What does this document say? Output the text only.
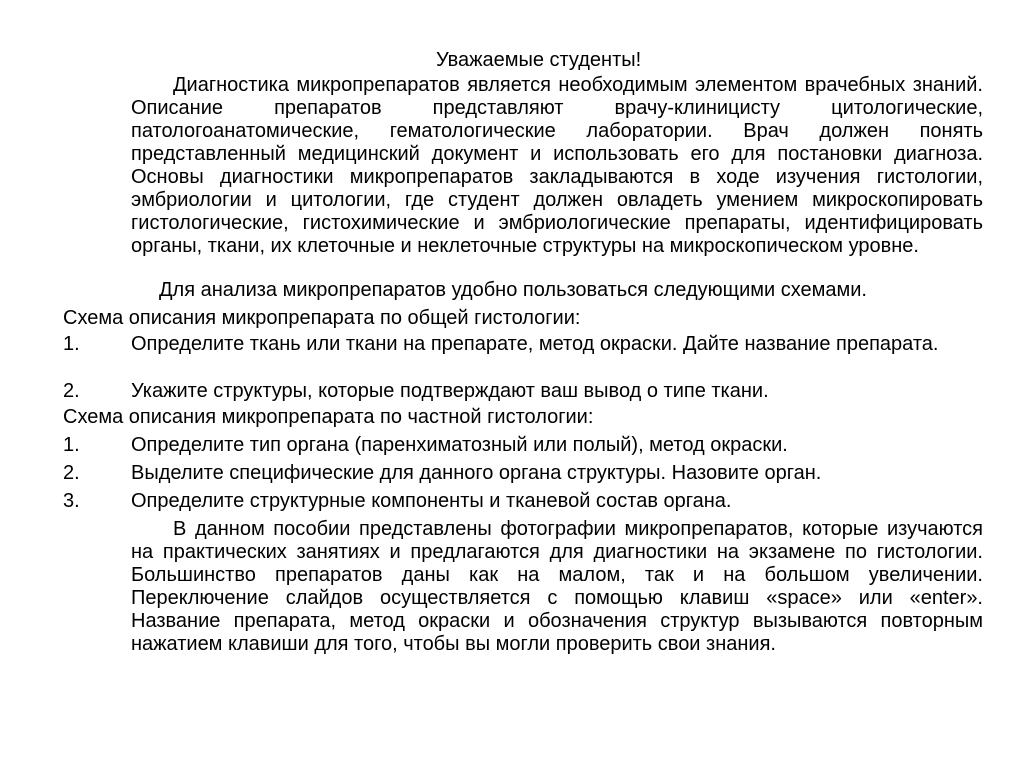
Уважаемые студенты!
Диагностика микропрепаратов является необходимым элементом врачебных знаний. Описание препаратов представляют врачу-клиницисту цитологические, патологоанатомические, гематологические лаборатории. Врач должен понять представленный медицинский документ и использовать его для постановки диагноза. Основы диагностики микропрепаратов закладываются в ходе изучения гистологии, эмбриологии и цитологии, где студент должен овладеть умением микроскопировать гистологические, гистохимические и эмбриологические препараты, идентифицировать органы, ткани, их клеточные и неклеточные структуры на микроскопическом уровне.
Для анализа микропрепаратов удобно пользоваться следующими схемами.
Схема описания микропрепарата по общей гистологии:
1.	Определите ткань или ткани на препарате, метод окраски. Дайте название препарата.
2.	Укажите структуры, которые подтверждают ваш вывод о типе ткани.
Схема описания микропрепарата по частной гистологии:
1.	Определите тип органа (паренхиматозный или полый), метод окраски.
2.	Выделите специфические для данного органа структуры. Назовите орган.
3.	Определите структурные компоненты и тканевой состав органа.
В данном пособии представлены фотографии микропрепаратов, которые изучаются на практических занятиях и предлагаются для диагностики на экзамене по гистологии. Большинство препаратов даны как на малом, так и на большом увеличении. Переключение слайдов осуществляется с помощью клавиш «space» или «enter». Название препарата, метод окраски и обозначения структур вызываются повторным нажатием клавиши для того, чтобы вы могли проверить свои знания.
